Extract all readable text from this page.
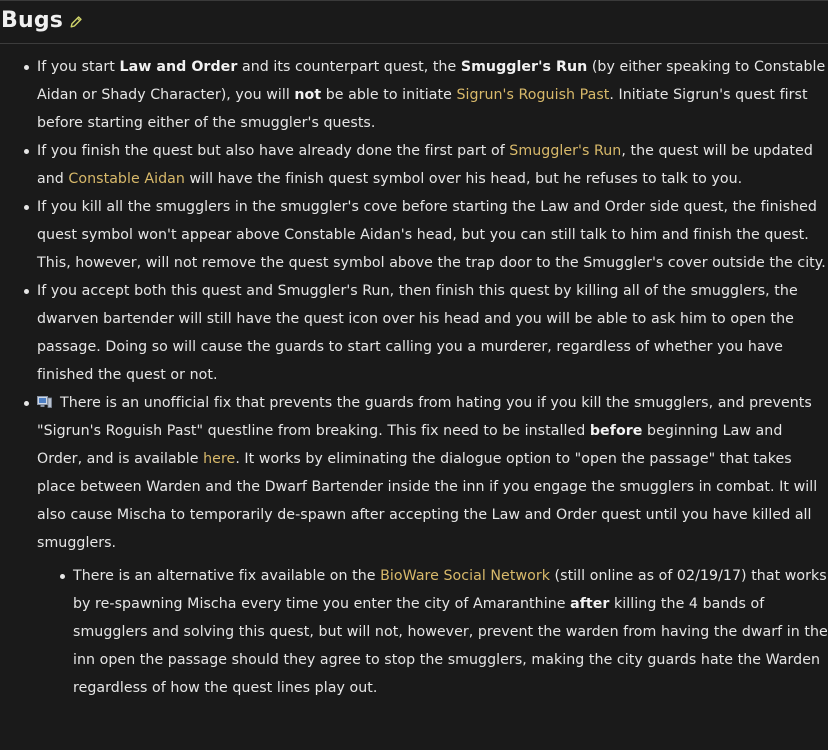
Bugs
If you start Law and Order and its counterpart quest, the Smuggler's Run (by either speaking to Constable Aidan or Shady Character), you will not be able to initiate Sigrun's Roguish Past. Initiate Sigrun's quest first before starting either of the smuggler's quests.
If you finish the quest but also have already done the first part of Smuggler's Run, the quest will be updated and Constable Aidan will have the finish quest symbol over his head, but he refuses to talk to you.
If you kill all the smugglers in the smuggler's cove before starting the Law and Order side quest, the finished quest symbol won't appear above Constable Aidan's head, but you can still talk to him and finish the quest. This, however, will not remove the quest symbol above the trap door to the Smuggler's cover outside the city.
If you accept both this quest and Smuggler's Run, then finish this quest by killing all of the smugglers, the dwarven bartender will still have the quest icon over his head and you will be able to ask him to open the passage. Doing so will cause the guards to start calling you a murderer, regardless of whether you have finished the quest or not.
There is an unofficial fix that prevents the guards from hating you if you kill the smugglers, and prevents "Sigrun's Roguish Past" questline from breaking. This fix need to be installed before beginning Law and Order, and is available here. It works by eliminating the dialogue option to "open the passage" that takes place between Warden and the Dwarf Bartender inside the inn if you engage the smugglers in combat. It will also cause Mischa to temporarily de-spawn after accepting the Law and Order quest until you have killed all smugglers.
There is an alternative fix available on the BioWare Social Network (still online as of 02/19/17) that works by re-spawning Mischa every time you enter the city of Amaranthine after killing the 4 bands of smugglers and solving this quest, but will not, however, prevent the warden from having the dwarf in the inn open the passage should they agree to stop the smugglers, making the city guards hate the Warden regardless of how the quest lines play out.
